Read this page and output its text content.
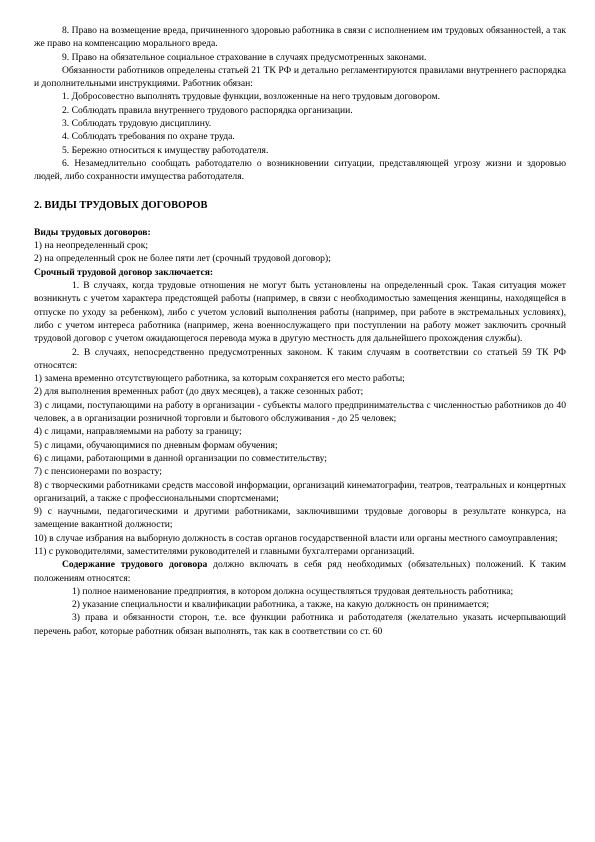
8. Право на возмещение вреда, причиненного здоровью работника в связи с исполнением им трудовых обязанностей, а так же право на компенсацию морального вреда.

9. Право на обязательное социальное страхование в случаях предусмотренных законами.

Обязанности работников определены статьей 21 ТК РФ и детально регламентируются правилами внутреннего распорядка и дополнительными инструкциями. Работник обязан:

1. Добросовестно выполнять трудовые функции, возложенные на него трудовым договором.

2. Соблюдать правила внутреннего трудового распорядка организации.

3. Соблюдать трудовую дисциплину.

4. Соблюдать требования по охране труда.

5. Бережно относиться к имуществу работодателя.

6. Незамедлительно сообщать работодателю о возникновении ситуации, представляющей угрозу жизни и здоровью людей, либо сохранности имущества работодателя.

2. ВИДЫ ТРУДОВЫХ ДОГОВОРОВ

Виды трудовых договоров:

1) на неопределенный срок;

2) на определенный срок не более пяти лет (срочный трудовой договор);

Срочный трудовой договор заключается:

1. В случаях, когда трудовые отношения не могут быть установлены на определенный срок. Такая ситуация может возникнуть с учетом характера предстоящей работы (например, в связи с необходимостью замещения женщины, находящейся в отпуске по уходу за ребенком), либо с учетом условий выполнения работы (например, при работе в экстремальных условиях), либо с учетом интереса работника (например, жена военнослужащего при поступлении на работу может заключить срочный трудовой договор с учетом ожидающегося перевода мужа в другую местность для дальнейшего прохождения службы).

2. В случаях, непосредственно предусмотренных законом. К таким случаям в соответствии со статьей 59 ТК РФ относятся:

1) замена временно отсутствующего работника, за которым сохраняется его место работы;

2) для выполнения временных работ (до двух месяцев), а также сезонных работ;

3) с лицами, поступающими на работу в организации - субъекты малого предпринимательства с численностью работников до 40 человек, а в организации розничной торговли и бытового обслуживания - до 25 человек;

4) с лицами, направляемыми на работу за границу;

5) с лицами, обучающимися по дневным формам обучения;

6) с лицами, работающими в данной организации по совместительству;

7) с пенсионерами по возрасту;

8) с творческими работниками средств массовой информации, организаций кинематографии, театров, театральных и концертных организаций, а также с профессиональными спортсменами;

9) с научными, педагогическими и другими работниками, заключившими трудовые договоры в результате конкурса, на замещение вакантной должности;

10) в случае избрания на выборную должность в состав органов государственной власти или органы местного самоуправления;

11) с руководителями, заместителями руководителей и главными бухгалтерами организаций.

Содержание трудового договора должно включать в себя ряд необходимых (обязательных) положений. К таким положениям относятся:

1) полное наименование предприятия, в котором должна осуществляться трудовая деятельность работника;

2) указание специальности и квалификации работника, а также, на какую должность он принимается;

3) права и обязанности сторон, т.е. все функции работника и работодателя (желательно указать исчерпывающий перечень работ, которые работник обязан выполнять, так как в соответствии со ст. 60
